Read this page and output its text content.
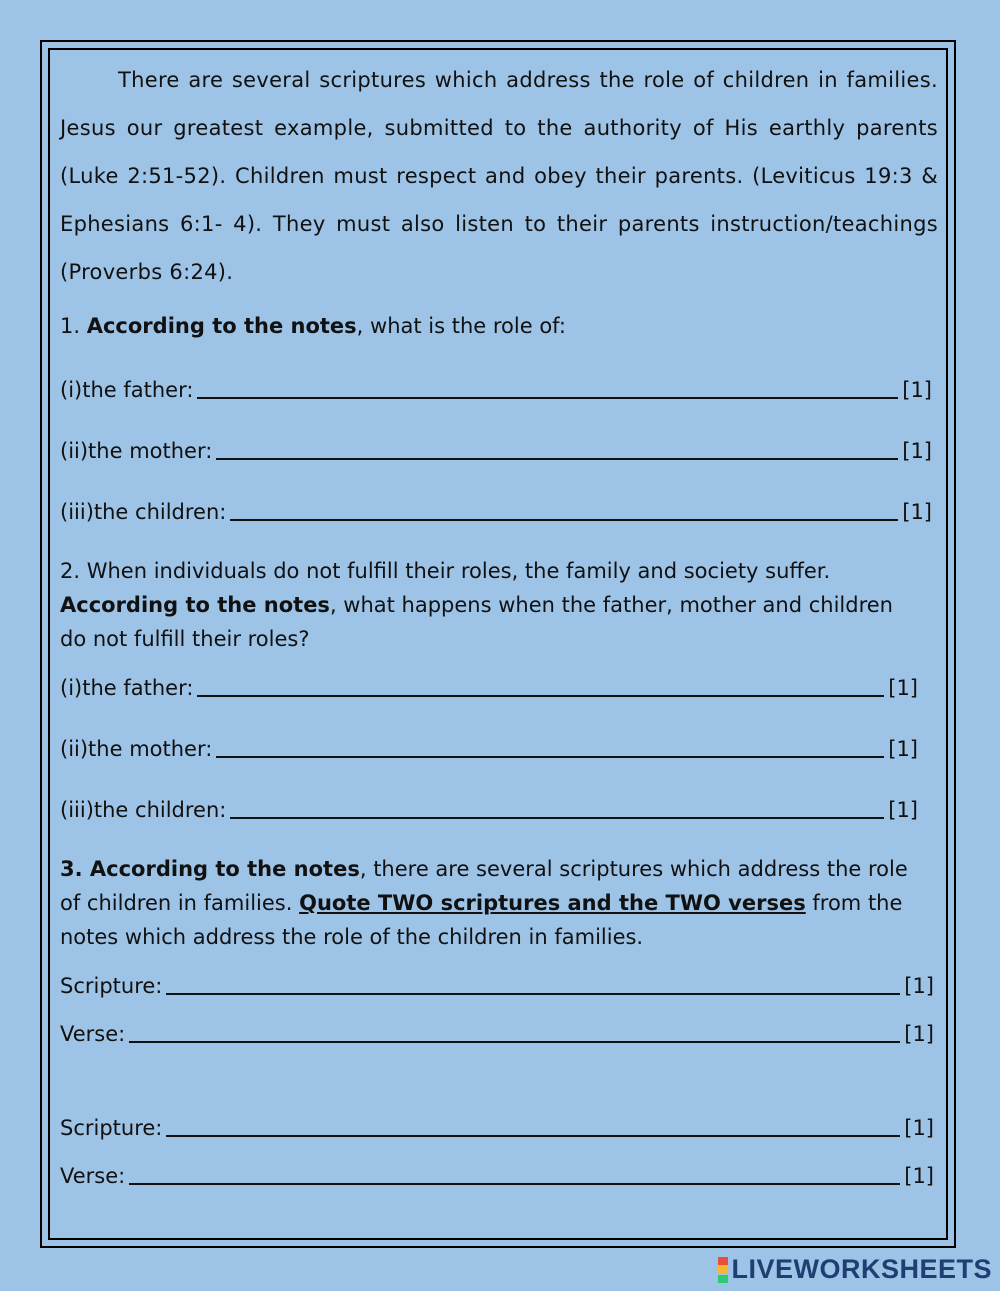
There are several scriptures which address the role of children in families. Jesus our greatest example, submitted to the authority of His earthly parents (Luke 2:51-52). Children must respect and obey their parents. (Leviticus 19:3 & Ephesians 6:1- 4). They must also listen to their parents instruction/teachings (Proverbs 6:24).
1. According to the notes, what is the role of:
(i)the father:	[1]
(ii)the mother:	[1]
(iii)the children:	[1]
2. When individuals do not fulfill their roles, the family and society suffer.
According to the notes, what happens when the father, mother and children do not fulfill their roles?
(i)the father:	[1]
(ii)the mother:	[1]
(iii)the children:	[1]
3. According to the notes, there are several scriptures which address the role of children in families. Quote TWO scriptures and the TWO verses from the notes which address the role of the children in families.
Scripture:	[1]
Verse:	[1]
Scripture:	[1]
Verse:	[1]
LIVEWORKSHEETS
